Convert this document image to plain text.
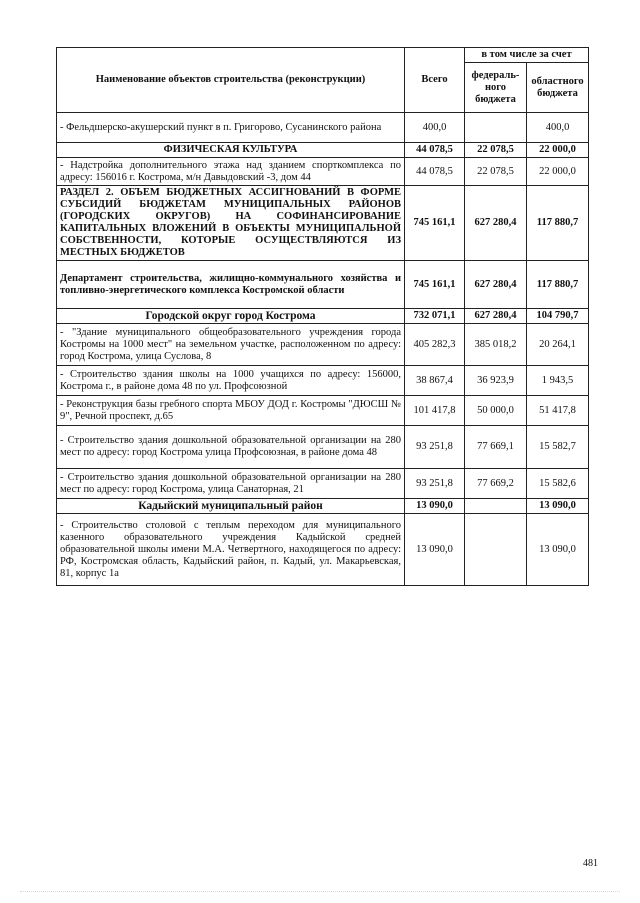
Наименование объектов строительства (реконструкции)	Всего	в том числе за счет	
		федераль-ного бюджета	областного бюджета
- Фельдшерско-акушерский пункт в п. Григорово, Сусанинского района	400,0		400,0
ФИЗИЧЕСКАЯ КУЛЬТУРА	44 078,5	22 078,5	22 000,0
- Надстройка дополнительного этажа над зданием спорткомплекса по адресу: 156016 г. Кострома, м/н Давыдовский -3, дом 44	44 078,5	22 078,5	22 000,0
РАЗДЕЛ 2. ОБЪЕМ БЮДЖЕТНЫХ АССИГНОВАНИЙ В ФОРМЕ СУБСИДИЙ БЮДЖЕТАМ МУНИЦИПАЛЬНЫХ РАЙОНОВ (ГОРОДСКИХ ОКРУГОВ) НА СОФИНАНСИРОВАНИЕ КАПИТАЛЬНЫХ ВЛОЖЕНИЙ В ОБЪЕКТЫ МУНИЦИПАЛЬНОЙ СОБСТВЕННОСТИ, КОТОРЫЕ ОСУЩЕСТВЛЯЮТСЯ ИЗ МЕСТНЫХ БЮДЖЕТОВ	745 161,1	627 280,4	117 880,7
Департамент строительства, жилищно-коммунального хозяйства и топливно-энергетического комплекса Костромской области	745 161,1	627 280,4	117 880,7
Городской округ город Кострома	732 071,1	627 280,4	104 790,7
- "Здание муниципального общеобразовательного учреждения города Костромы на 1000 мест" на земельном участке, расположенном по адресу: город Кострома, улица Суслова, 8	405 282,3	385 018,2	20 264,1
- Строительство здания школы на 1000 учащихся по адресу: 156000, Кострома г., в районе дома 48 по ул. Профсоюзной	38 867,4	36 923,9	1 943,5
- Реконструкция базы гребного спорта МБОУ ДОД г. Костромы "ДЮСШ № 9", Речной проспект, д.65	101 417,8	50 000,0	51 417,8
- Строительство здания дошкольной образовательной организации на 280 мест по адресу: город Кострома улица Профсоюзная, в районе дома 48	93 251,8	77 669,1	15 582,7
- Строительство здания дошкольной образовательной организации на 280 мест по адресу: город Кострома, улица Санаторная, 21	93 251,8	77 669,2	15 582,6
Кадыйский муниципальный район	13 090,0		13 090,0
- Строительство столовой с теплым переходом для муниципального казенного образовательного учреждения Кадыйской средней образовательной школы имени М.А. Четвертного, находящегося по адресу: РФ, Костромская область, Кадыйский район, п. Кадый, ул. Макарьевская, 81, корпус 1а	13 090,0		13 090,0
481
